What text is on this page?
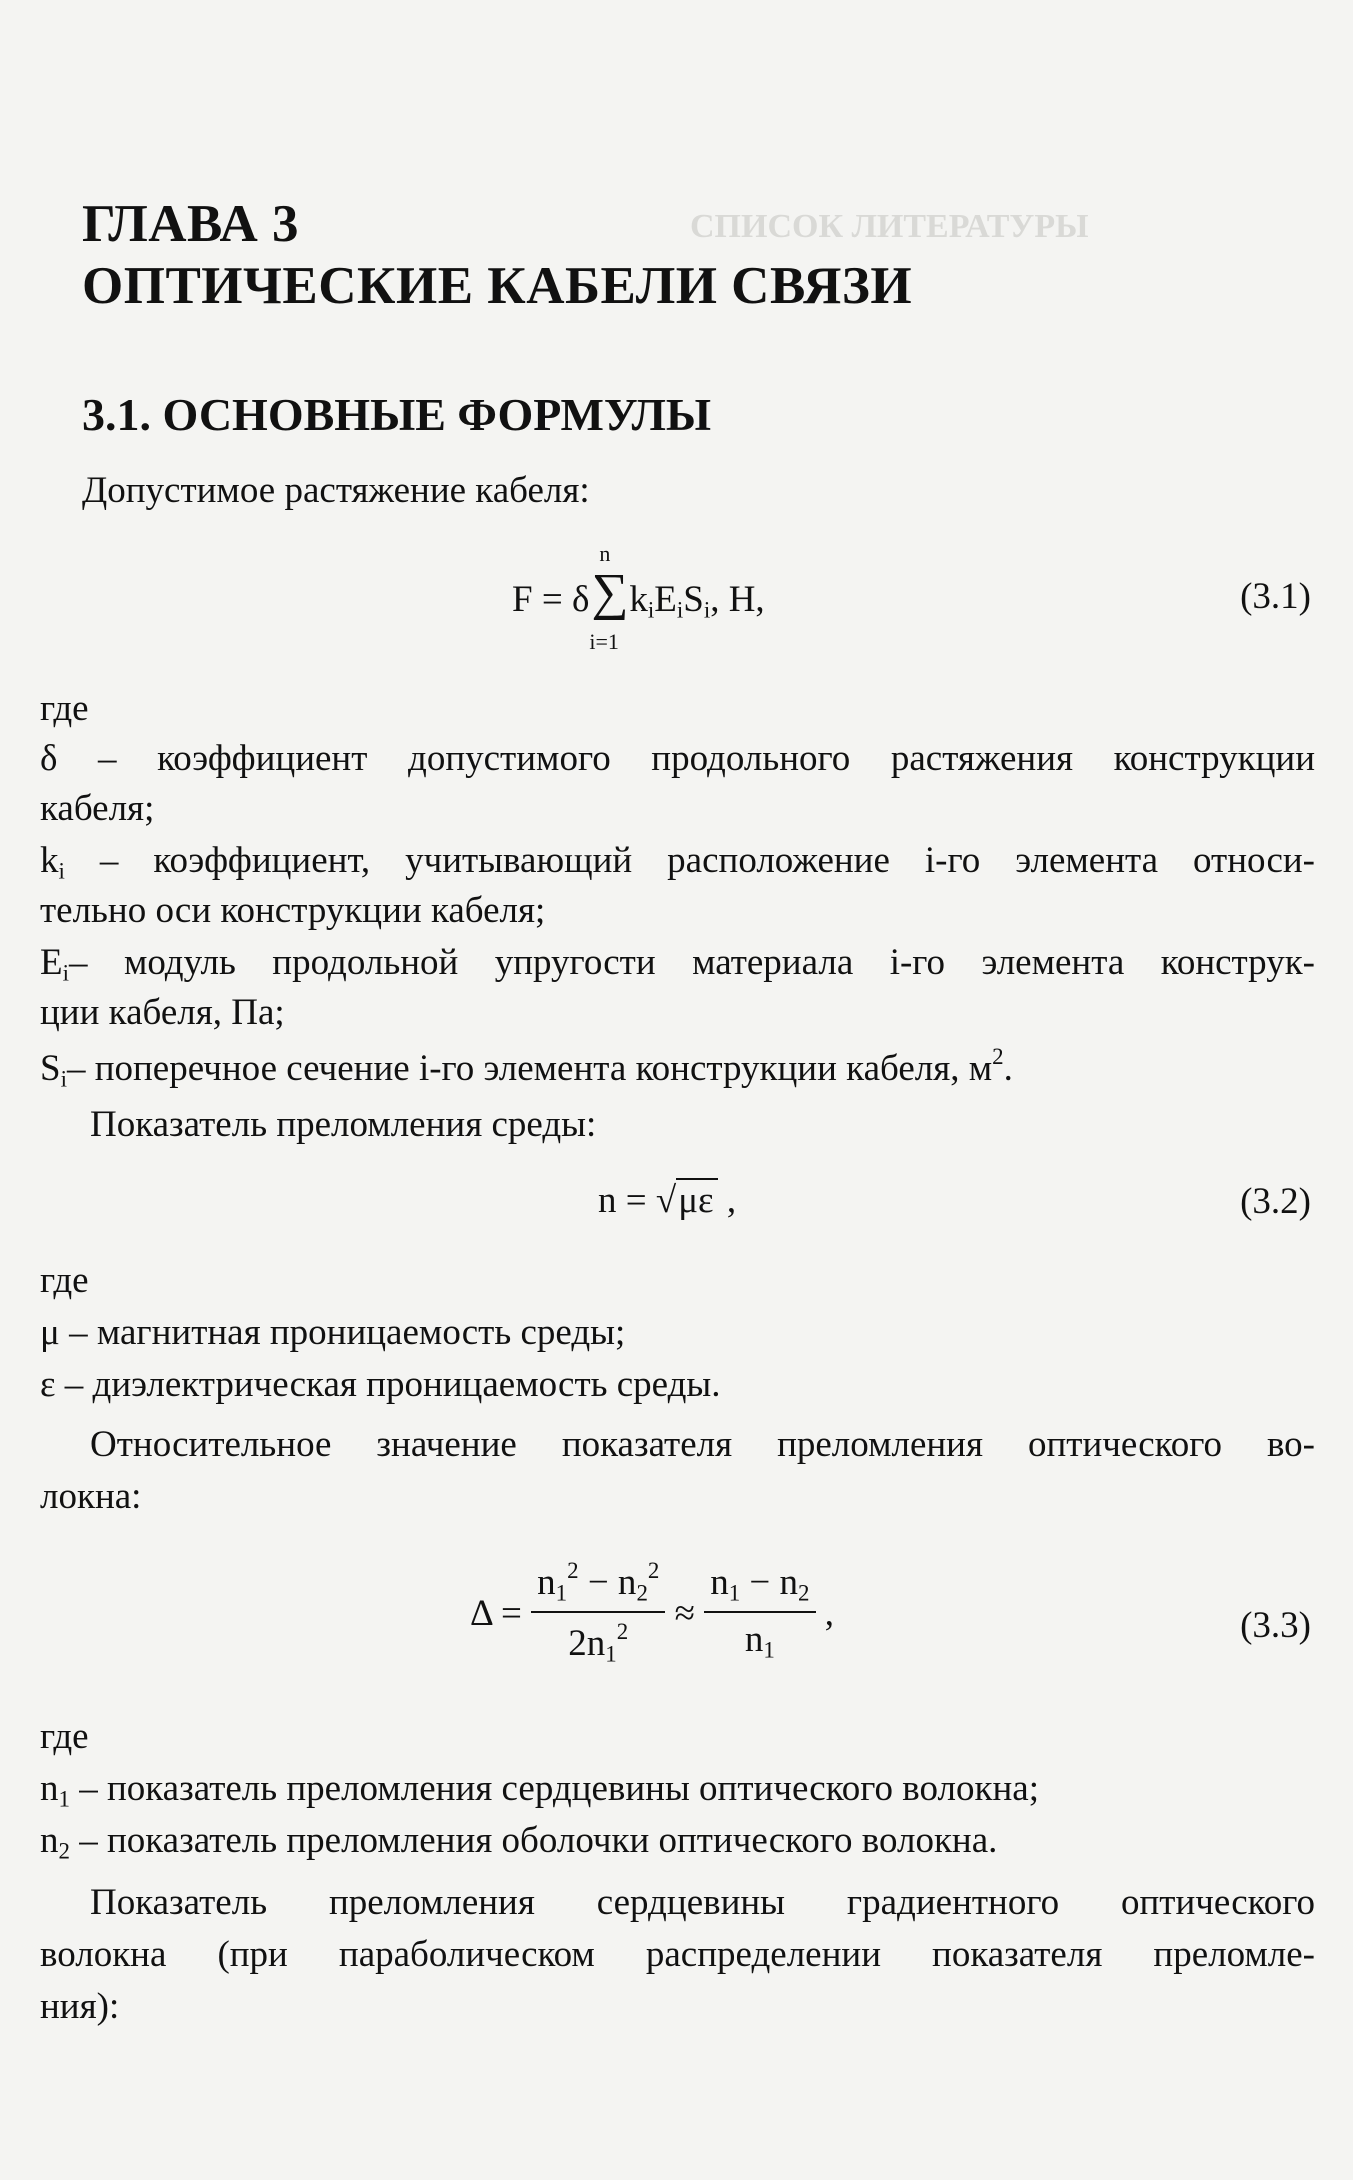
СПИСОК ЛИТЕРАТУРЫ
ГЛАВА 3
ОПТИЧЕСКИЕ КАБЕЛИ СВЯЗИ
3.1. ОСНОВНЫЕ ФОРМУЛЫ
Допустимое растяжение кабеля:
F = δ
n
∑
i=1
$k_iE_iS_i$, Н,	(3.1)
где
δ – коэффициент допустимого продольного растяжения конструкции
кабеля;
$k_i$ – коэффициент, учитывающий расположение i-го элемента относи-
тельно оси конструкции кабеля;
$E_i-$ модуль продольной упругости материала i-го элемента конструк-
ции кабеля, Па;
$S_i-$ поперечное сечение i-го элемента конструкции кабеля, $м^2$.
Показатель преломления среды:
n = √με ,	(3.2)
где
μ – магнитная проницаемость среды;
ε – диэлектрическая проницаемость среды.
Относительное значение показателя преломления оптического во-
локна:
$\Delta = \frac{n_1^2 - n_2^2}{2n_1^2} \approx \frac{n_1 - n_2}{n_1}$ ,	(3.3)
где
$n_1$ – показатель преломления сердцевины оптического волокна;
$n_2$ – показатель преломления оболочки оптического волокна.
Показатель преломления сердцевины градиентного оптического
волокна (при параболическом распределении показателя преломле-
ния):
